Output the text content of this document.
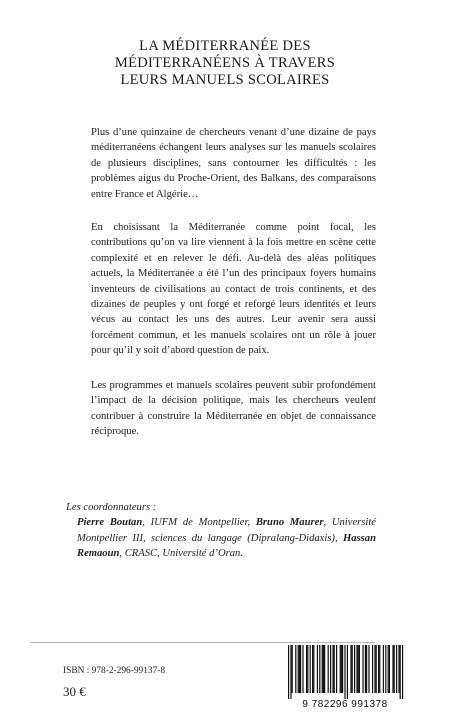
LA MÉDITERRANÉE DES
MÉDITERRANÉENS À TRAVERS
LEURS MANUELS SCOLAIRES

Plus d’une quinzaine de chercheurs venant d’une dizaine de pays méditerranéens échangent leurs analyses sur les manuels scolaires de plusieurs disciplines, sans contourner les difficultés : les problèmes aigus du Proche-Orient, des Balkans, des comparaisons entre France et Algérie…

En choisissant la Méditerranée comme point focal, les contributions qu’on va lire viennent à la fois mettre en scène cette complexité et en relever le défi. Au-delà des aléas politiques actuels, la Méditerranée a été l’un des principaux foyers humains inventeurs de civilisations au contact de trois continents, et des dizaines de peuples y ont forgé et reforgé leurs identités et leurs vécus au contact les uns des autres. Leur avenir sera aussi forcément commun, et les manuels scolaires ont un rôle à jouer pour qu’il y soit d’abord question de paix.

Les programmes et manuels scolaires peuvent subir profondément l’impact de la décision politique, mais les chercheurs veulent contribuer à construire la Méditerranée en objet de connaissance réciproque.

Les coordonnateurs :
Pierre Boutan, IUFM de Montpellier, Bruno Maurer, Université Montpellier III, sciences du langage (Dipralang-Didaxis), Hassan Remaoun, CRASC, Université d’Oran.
ISBN : 978-2-296-99137-8
30 €
9 782296 991378
